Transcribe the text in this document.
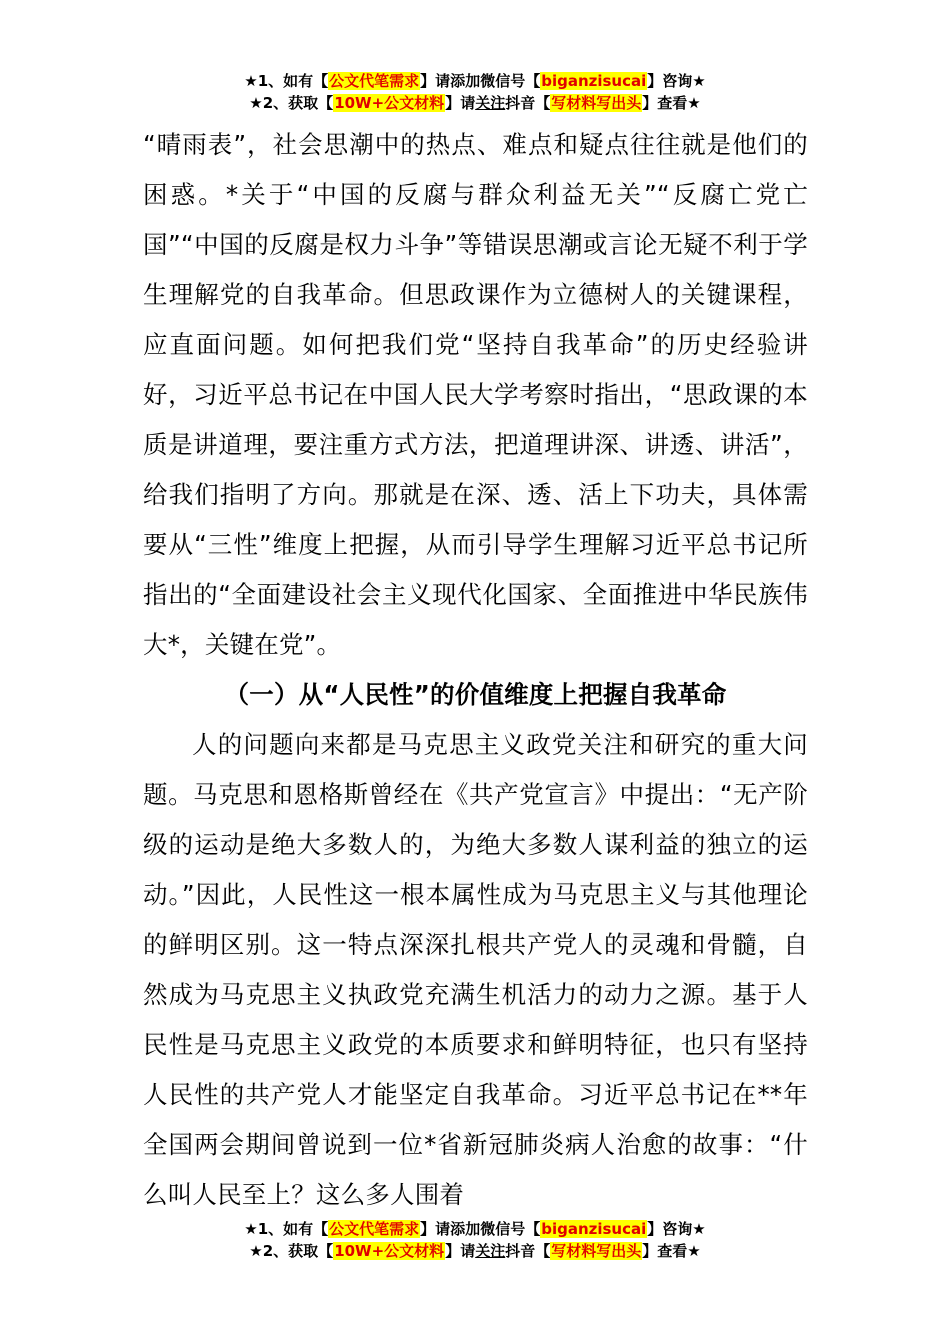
★1、如有【公文代笔需求】请添加微信号【biganzisucai】咨询★
★2、获取【10W+公文材料】请关注抖音【写材料写出头】查看★

“晴雨表”，社会思潮中的热点、难点和疑点往往就是他们的困惑。*关于“中国的反腐与群众利益无关”“反腐亡党亡国”“中国的反腐是权力斗争”等错误思潮或言论无疑不利于学生理解党的自我革命。但思政课作为立德树人的关键课程，应直面问题。如何把我们党“坚持自我革命”的历史经验讲好，习近平总书记在中国人民大学考察时指出，“思政课的本质是讲道理，要注重方式方法，把道理讲深、讲透、讲活”，给我们指明了方向。那就是在深、透、活上下功夫，具体需要从“三性”维度上把握，从而引导学生理解习近平总书记所指出的“全面建设社会主义现代化国家、全面推进中华民族伟大*，关键在党”。

（一）从“人民性”的价值维度上把握自我革命

人的问题向来都是马克思主义政党关注和研究的重大问题。马克思和恩格斯曾经在《共产党宣言》中提出：“无产阶级的运动是绝大多数人的，为绝大多数人谋利益的独立的运动。”因此，人民性这一根本属性成为马克思主义与其他理论的鲜明区别。这一特点深深扎根共产党人的灵魂和骨髓，自然成为马克思主义执政党充满生机活力的动力之源。基于人民性是马克思主义政党的本质要求和鲜明特征，也只有坚持人民性的共产党人才能坚定自我革命。习近平总书记在**年全国两会期间曾说到一位*省新冠肺炎病人治愈的故事：“什么叫人民至上？这么多人围着

★1、如有【公文代笔需求】请添加微信号【biganzisucai】咨询★
★2、获取【10W+公文材料】请关注抖音【写材料写出头】查看★
